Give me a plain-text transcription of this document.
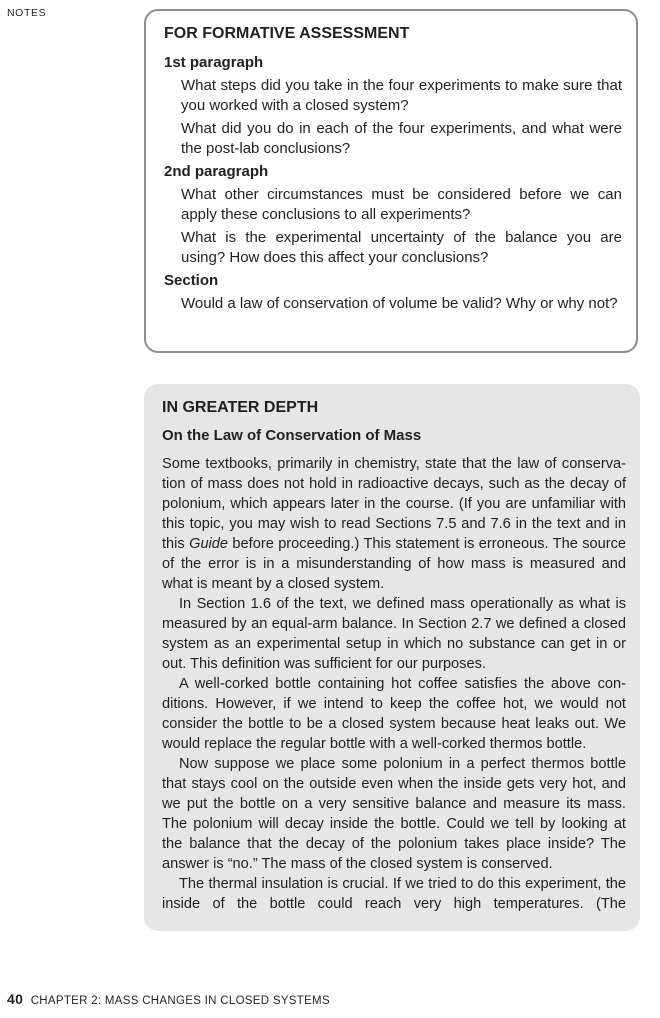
NOTES
FOR FORMATIVE ASSESSMENT
1st paragraph
What steps did you take in the four experiments to make sure that you worked with a closed system?
What did you do in each of the four experiments, and what were the post-lab conclusions?
2nd paragraph
What other circumstances must be considered before we can apply these conclusions to all experiments?
What is the experimental uncertainty of the balance you are using? How does this affect your conclusions?
Section
Would a law of conservation of volume be valid? Why or why not?
IN GREATER DEPTH
On the Law of Conservation of Mass

Some textbooks, primarily in chemistry, state that the law of conservation of mass does not hold in radioactive decays, such as the decay of polonium, which appears later in the course. (If you are unfamiliar with this topic, you may wish to read Sections 7.5 and 7.6 in the text and in this Guide before proceeding.) This statement is erroneous. The source of the error is in a misunderstanding of how mass is measured and what is meant by a closed system.

In Section 1.6 of the text, we defined mass operationally as what is measured by an equal-arm balance. In Section 2.7 we defined a closed system as an experimental setup in which no substance can get in or out. This definition was sufficient for our purposes.

A well-corked bottle containing hot coffee satisfies the above conditions. However, if we intend to keep the coffee hot, we would not consider the bottle to be a closed system because heat leaks out. We would replace the regular bottle with a well-corked thermos bottle.

Now suppose we place some polonium in a perfect thermos bottle that stays cool on the outside even when the inside gets very hot, and we put the bottle on a very sensitive balance and measure its mass. The polonium will decay inside the bottle. Could we tell by looking at the balance that the decay of the polonium takes place inside? The answer is “no.” The mass of the closed system is conserved.

The thermal insulation is crucial. If we tried to do this experiment, the inside of the bottle could reach very high temperatures. (The

40 CHAPTER 2: MASS CHANGES IN CLOSED SYSTEMS
